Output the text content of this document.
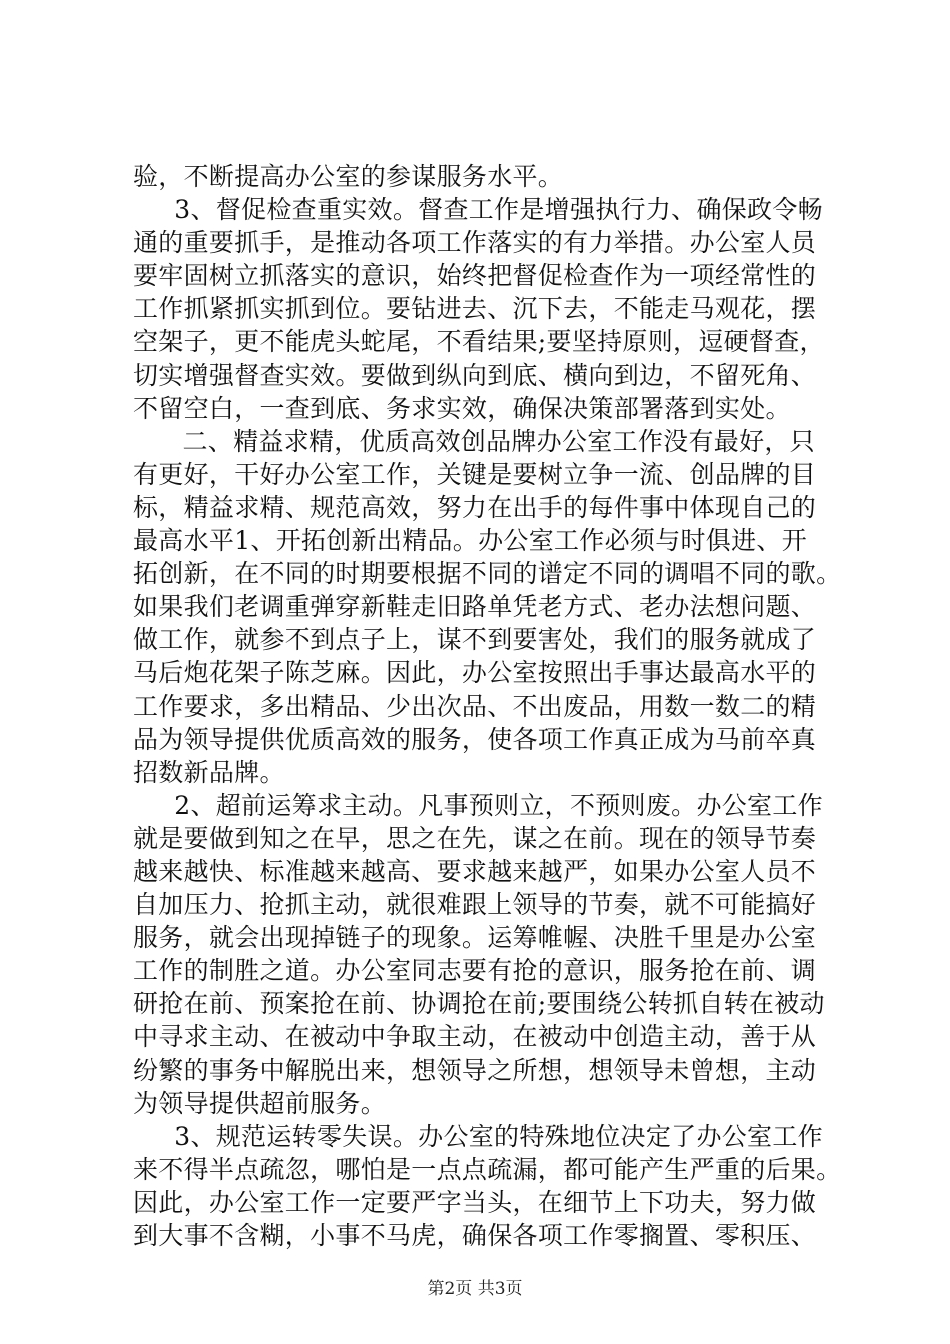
验，不断提高办公室的参谋服务水平。
3、督促检查重实效。督查工作是增强执行力、确保政令畅
通的重要抓手，是推动各项工作落实的有力举措。办公室人员
要牢固树立抓落实的意识，始终把督促检查作为一项经常性的
工作抓紧抓实抓到位。要钻进去、沉下去，不能走马观花，摆
空架子，更不能虎头蛇尾，不看结果;要坚持原则，逗硬督查，
切实增强督查实效。要做到纵向到底、横向到边，不留死角、
不留空白，一查到底、务求实效，确保决策部署落到实处。
二、精益求精，优质高效创品牌办公室工作没有最好，只
有更好，干好办公室工作，关键是要树立争一流、创品牌的目
标，精益求精、规范高效，努力在出手的每件事中体现自己的
最高水平1、开拓创新出精品。办公室工作必须与时俱进、开
拓创新，在不同的时期要根据不同的谱定不同的调唱不同的歌。
如果我们老调重弹穿新鞋走旧路单凭老方式、老办法想问题、
做工作，就参不到点子上，谋不到要害处，我们的服务就成了
马后炮花架子陈芝麻。因此，办公室按照出手事达最高水平的
工作要求，多出精品、少出次品、不出废品，用数一数二的精
品为领导提供优质高效的服务，使各项工作真正成为马前卒真
招数新品牌。
2、超前运筹求主动。凡事预则立，不预则废。办公室工作
就是要做到知之在早，思之在先，谋之在前。现在的领导节奏
越来越快、标准越来越高、要求越来越严，如果办公室人员不
自加压力、抢抓主动，就很难跟上领导的节奏，就不可能搞好
服务，就会出现掉链子的现象。运筹帷幄、决胜千里是办公室
工作的制胜之道。办公室同志要有抢的意识，服务抢在前、调
研抢在前、预案抢在前、协调抢在前;要围绕公转抓自转在被动
中寻求主动、在被动中争取主动，在被动中创造主动，善于从
纷繁的事务中解脱出来，想领导之所想，想领导未曾想，主动
为领导提供超前服务。
3、规范运转零失误。办公室的特殊地位决定了办公室工作
来不得半点疏忽，哪怕是一点点疏漏，都可能产生严重的后果。
因此，办公室工作一定要严字当头，在细节上下功夫，努力做
到大事不含糊，小事不马虎，确保各项工作零搁置、零积压、
第2页 共3页
